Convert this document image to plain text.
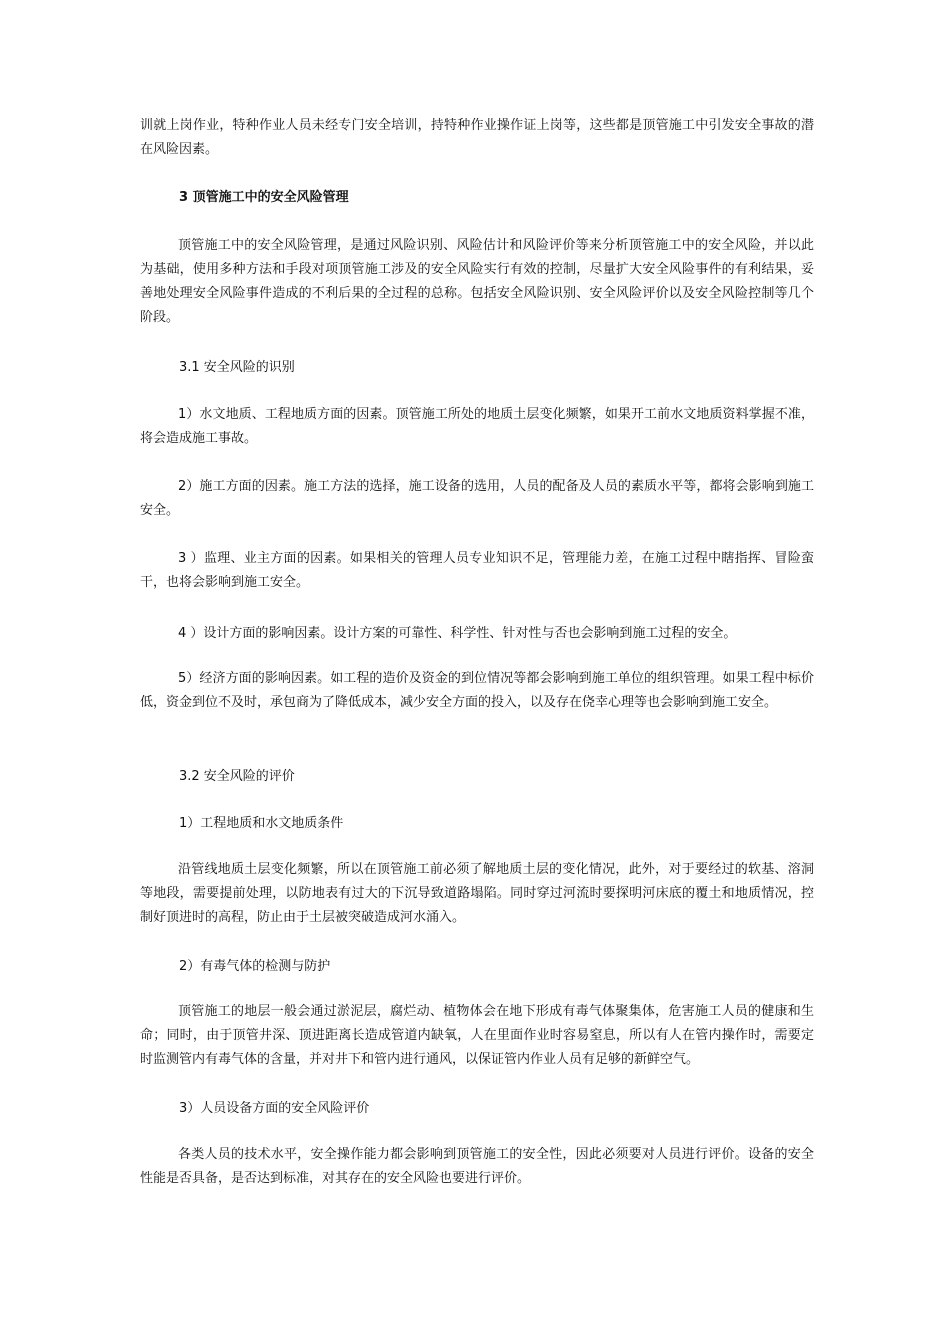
训就上岗作业，特种作业人员未经专门安全培训，持特种作业操作证上岗等，这些都是顶管施工中引发安全事故的潜在风险因素。

3 顶管施工中的安全风险管理

顶管施工中的安全风险管理，是通过风险识别、风险估计和风险评价等来分析顶管施工中的安全风险，并以此为基础，使用多种方法和手段对项顶管施工涉及的安全风险实行有效的控制，尽量扩大安全风险事件的有利结果，妥善地处理安全风险事件造成的不利后果的全过程的总称。包括安全风险识别、安全风险评价以及安全风险控制等几个阶段。

3.1 安全风险的识别

1）水文地质、工程地质方面的因素。顶管施工所处的地质土层变化频繁，如果开工前水文地质资料掌握不准，将会造成施工事故。

2）施工方面的因素。施工方法的选择，施工设备的选用，人员的配备及人员的素质水平等，都将会影响到施工安全。

3 ）监理、业主方面的因素。如果相关的管理人员专业知识不足，管理能力差，在施工过程中瞎指挥、冒险蛮干，也将会影响到施工安全。

4 ）设计方面的影响因素。设计方案的可靠性、科学性、针对性与否也会影响到施工过程的安全。

5）经济方面的影响因素。如工程的造价及资金的到位情况等都会影响到施工单位的组织管理。如果工程中标价低，资金到位不及时，承包商为了降低成本，减少安全方面的投入，以及存在侥幸心理等也会影响到施工安全。

3.2 安全风险的评价

1）工程地质和水文地质条件

沿管线地质土层变化频繁，所以在顶管施工前必须了解地质土层的变化情况，此外，对于要经过的软基、溶洞等地段，需要提前处理，以防地表有过大的下沉导致道路塌陷。同时穿过河流时要探明河床底的覆土和地质情况，控制好顶进时的高程，防止由于土层被突破造成河水涌入。

2）有毒气体的检测与防护

顶管施工的地层一般会通过淤泥层，腐烂动、植物体会在地下形成有毒气体聚集体，危害施工人员的健康和生命；同时，由于顶管井深、顶进距离长造成管道内缺氧，人在里面作业时容易窒息，所以有人在管内操作时，需要定时监测管内有毒气体的含量，并对井下和管内进行通风，以保证管内作业人员有足够的新鲜空气。

3）人员设备方面的安全风险评价

各类人员的技术水平，安全操作能力都会影响到顶管施工的安全性，因此必须要对人员进行评价。设备的安全性能是否具备，是否达到标准，对其存在的安全风险也要进行评价。
